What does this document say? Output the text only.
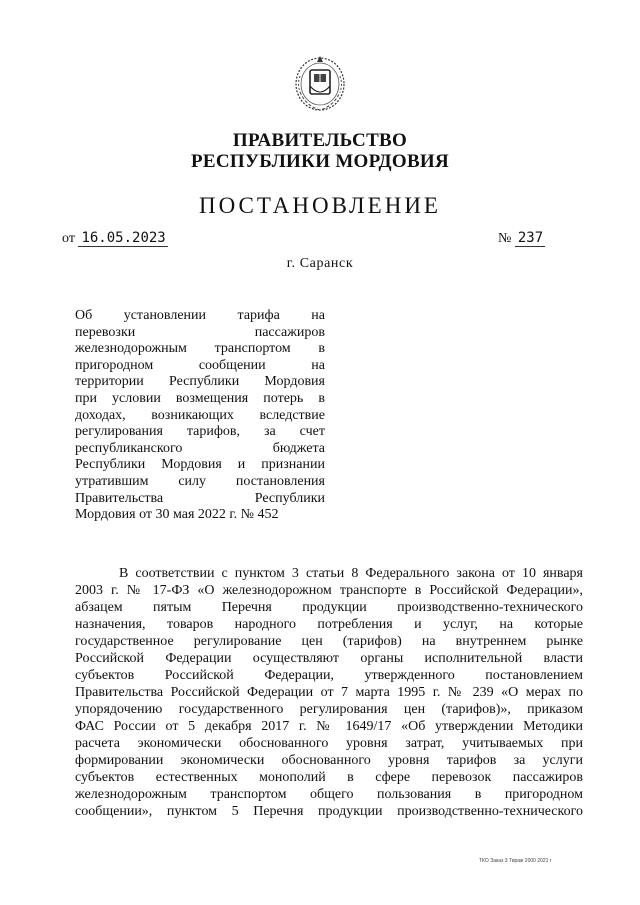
ПРАВИТЕЛЬСТВО
РЕСПУБЛИКИ МОРДОВИЯ
ПОСТАНОВЛЕНИЕ
от 16.05.2023	№ 237
г. Саранск
Об установлении тарифа на
перевозки пассажиров
железнодорожным транспортом в
пригородном сообщении на
территории Республики Мордовия
при условии возмещения потерь в
доходах, возникающих вследствие
регулирования тарифов, за счет
республиканского бюджета
Республики Мордовия и признании
утратившим силу постановления
Правительства Республики
Мордовия от 30 мая 2022 г. № 452
В соответствии с пунктом 3 статьи 8 Федерального закона от 10 января
2003 г. № 17-ФЗ «О железнодорожном транспорте в Российской Федерации»,
абзацем пятым Перечня продукции производственно-технического
назначения, товаров народного потребления и услуг, на которые
государственное регулирование цен (тарифов) на внутреннем рынке
Российской Федерации осуществляют органы исполнительной власти
субъектов Российской Федерации, утвержденного постановлением
Правительства Российской Федерации от 7 марта 1995 г. № 239 «О мерах по
упорядочению государственного регулирования цен (тарифов)», приказом
ФАС России от 5 декабря 2017 г. № 1649/17 «Об утверждении Методики
расчета экономически обоснованного уровня затрат, учитываемых при
формировании экономически обоснованного уровня тарифов за услуги
субъектов естественных монополий в сфере перевозок пассажиров
железнодорожным транспортом общего пользования в пригородном
сообщении», пунктом 5 Перечня продукции производственно-технического
ТКО Заказ 3 Тираж 2000 2021 г
